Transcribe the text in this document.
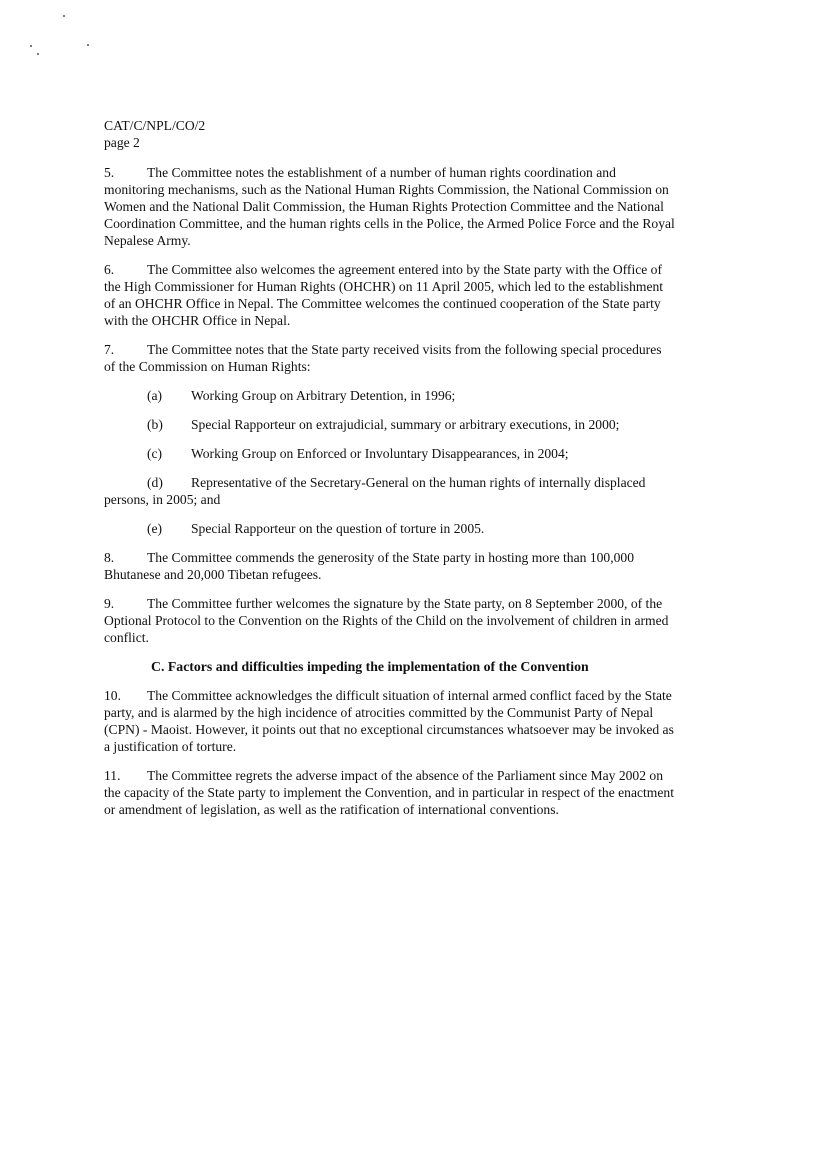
CAT/C/NPL/CO/2
page 2

5. The Committee notes the establishment of a number of human rights coordination and monitoring mechanisms, such as the National Human Rights Commission, the National Commission on Women and the National Dalit Commission, the Human Rights Protection Committee and the National Coordination Committee, and the human rights cells in the Police, the Armed Police Force and the Royal Nepalese Army.

6. The Committee also welcomes the agreement entered into by the State party with the Office of the High Commissioner for Human Rights (OHCHR) on 11 April 2005, which led to the establishment of an OHCHR Office in Nepal. The Committee welcomes the continued cooperation of the State party with the OHCHR Office in Nepal.

7. The Committee notes that the State party received visits from the following special procedures of the Commission on Human Rights:

(a) Working Group on Arbitrary Detention, in 1996;
(b) Special Rapporteur on extrajudicial, summary or arbitrary executions, in 2000;
(c) Working Group on Enforced or Involuntary Disappearances, in 2004;
(d) Representative of the Secretary-General on the human rights of internally displaced persons, in 2005; and
(e) Special Rapporteur on the question of torture in 2005.

8. The Committee commends the generosity of the State party in hosting more than 100,000 Bhutanese and 20,000 Tibetan refugees.

9. The Committee further welcomes the signature by the State party, on 8 September 2000, of the Optional Protocol to the Convention on the Rights of the Child on the involvement of children in armed conflict.

C. Factors and difficulties impeding the implementation of the Convention

10. The Committee acknowledges the difficult situation of internal armed conflict faced by the State party, and is alarmed by the high incidence of atrocities committed by the Communist Party of Nepal (CPN) - Maoist. However, it points out that no exceptional circumstances whatsoever may be invoked as a justification of torture.

11. The Committee regrets the adverse impact of the absence of the Parliament since May 2002 on the capacity of the State party to implement the Convention, and in particular in respect of the enactment or amendment of legislation, as well as the ratification of international conventions.
